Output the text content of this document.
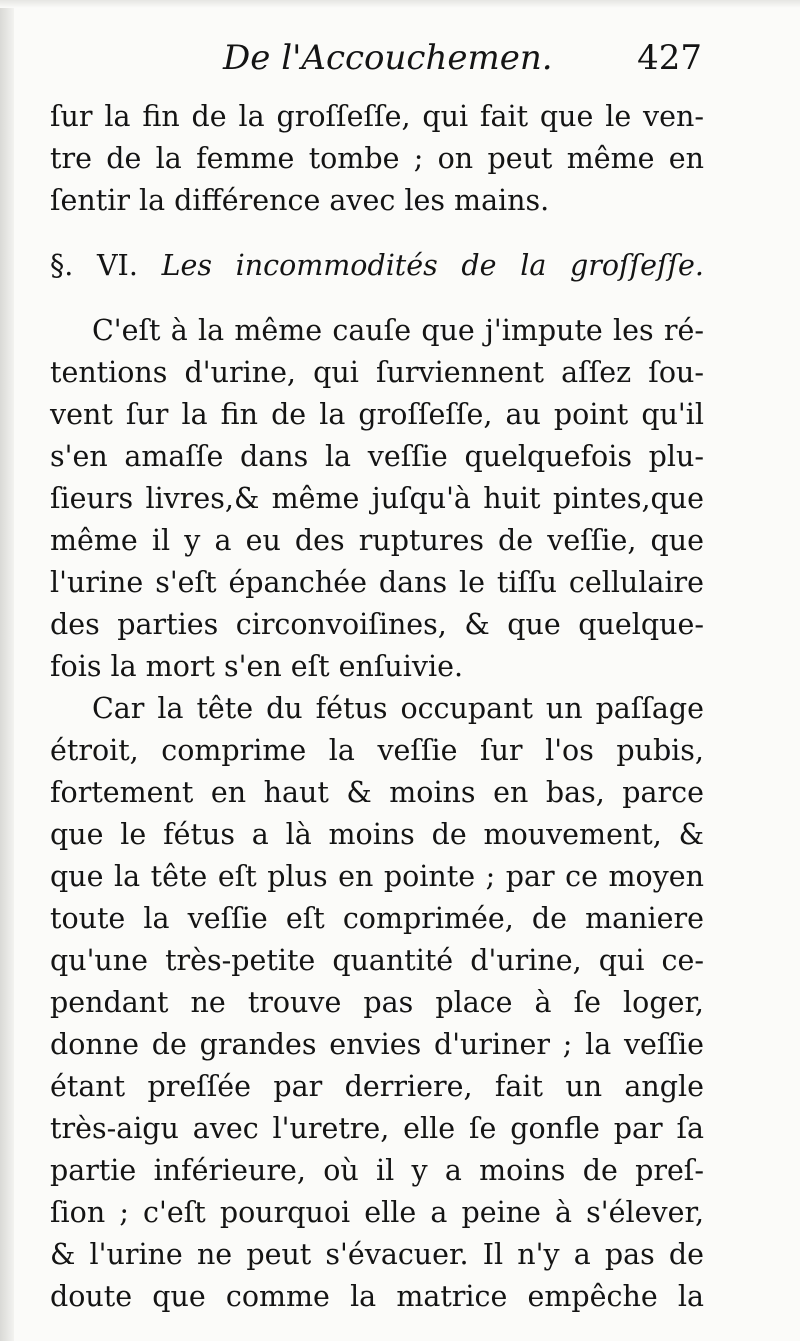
De l'Accouchemen. 427
ſur la fin de la groſſeſſe, qui fait que le ven-
tre de la femme tombe ; on peut même en
ſentir la différence avec les mains.
§. VI. Les incommodités de la groſſeſſe.
C'eſt à la même cauſe que j'impute les ré-
tentions d'urine, qui ſurviennent aſſez ſou-
vent ſur la fin de la groſſeſſe, au point qu'il
s'en amaſſe dans la veſſie quelquefois plu-
ſieurs livres,& même juſqu'à huit pintes,que
même il y a eu des ruptures de veſſie, que
l'urine s'eſt épanchée dans le tiſſu cellulaire
des parties circonvoiſines, & que quelque-
fois la mort s'en eſt enſuivie.
Car la tête du fétus occupant un paſſage
étroit, comprime la veſſie ſur l'os pubis,
fortement en haut & moins en bas, parce
que le fétus a là moins de mouvement, &
que la tête eſt plus en pointe ; par ce moyen
toute la veſſie eſt comprimée, de maniere
qu'une très-petite quantité d'urine, qui ce-
pendant ne trouve pas place à ſe loger,
donne de grandes envies d'uriner ; la veſſie
étant preſſée par derriere, fait un angle
très-aigu avec l'uretre, elle ſe gonfle par ſa
partie inférieure, où il y a moins de preſ-
ſion ; c'eſt pourquoi elle a peine à s'élever,
& l'urine ne peut s'évacuer. Il n'y a pas de
doute que comme la matrice empêche la
